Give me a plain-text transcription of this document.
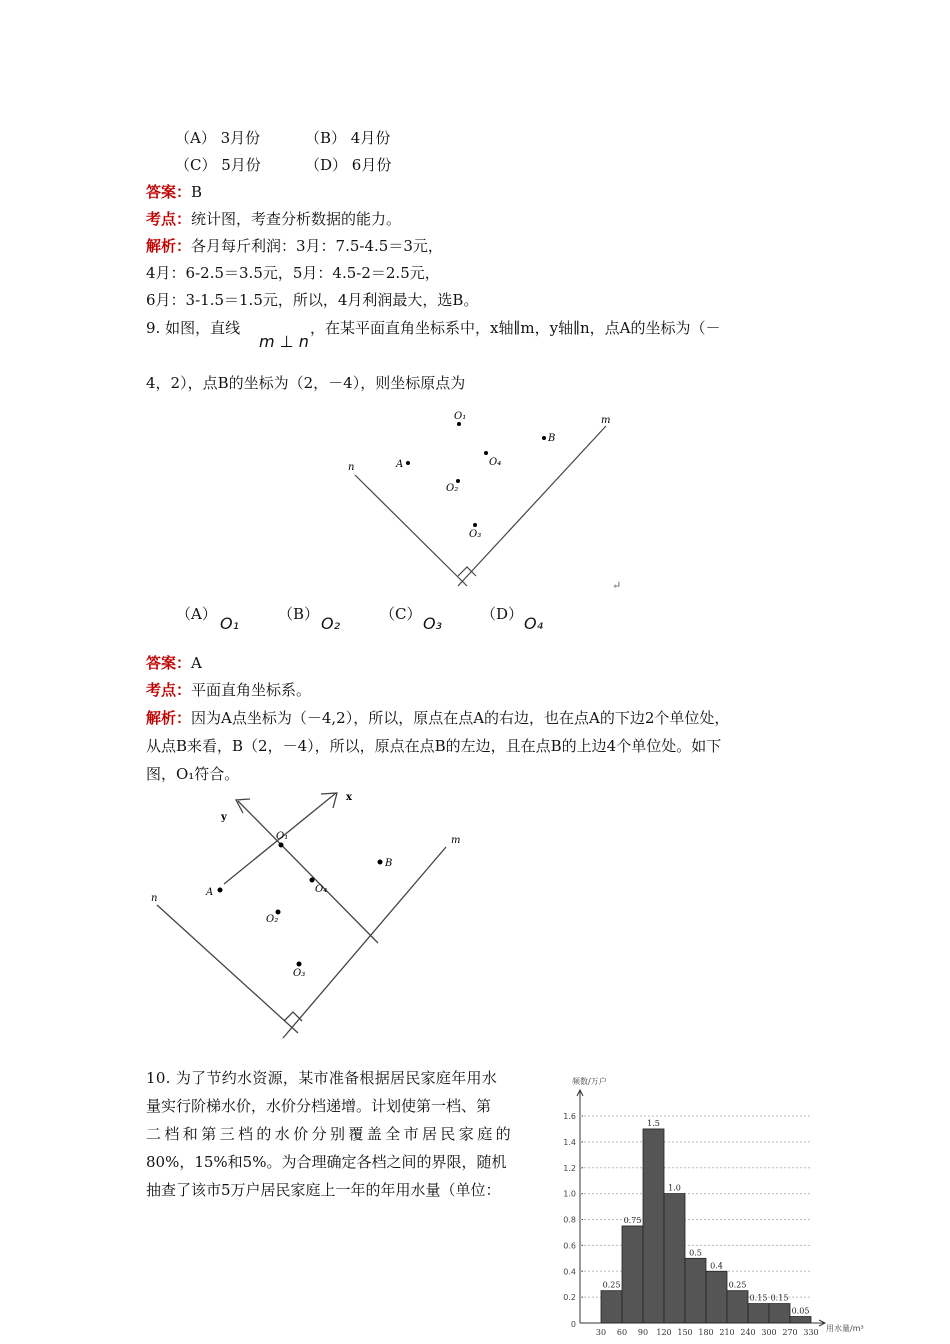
（A） 3月份	（B） 4月份
（C） 5月份	（D） 6月份
答案：B
考点：统计图，考查分析数据的能力。
解析：各月每斤利润：3月：7.5-4.5＝3元，
4月：6-2.5＝3.5元，5月：4.5-2＝2.5元，
6月：3-1.5＝1.5元，所以，4月利润最大，选B。
9. 如图，直线
m ⊥ n
，在某平面直角坐标系中，x轴∥m，y轴∥n，点A的坐标为（－
4，2），点B的坐标为（2，－4），则坐标原点为
n
m
O₁
A	O₄
B
O₂
O₃
↵
（A） O₁	（B） O₂	（C） O₃	（D） O₄
答案：A
考点：平面直角坐标系。
解析：因为A点坐标为（－4,2），所以，原点在点A的右边，也在点A的下边2个单位处，
从点B来看，B（2，－4），所以，原点在点B的左边，且在点B的上边4个单位处。如下
图，O₁符合。
x
y
m
n
O₁
A	O₄
B
O₂
O₃
10. 为了节约水资源，某市准备根据居民家庭年用水
量实行阶梯水价，水价分档递增。计划使第一档、第
二档和第三档的水价分别覆盖全市居民家庭的
80%，15%和5%。为合理确定各档之间的界限，随机
抽查了该市5万户居民家庭上一年的年用水量（单位：
频数/万户
用水量/m³
0.2
0.4
0.6
0.8
1.0
1.2
1.4
1.6
0
0.25
0.75
1.5
1.0
0.5
0.4
0.25
0.15 0.15
0.05
30 60 90 120 150 180 210 240 300 270 330
